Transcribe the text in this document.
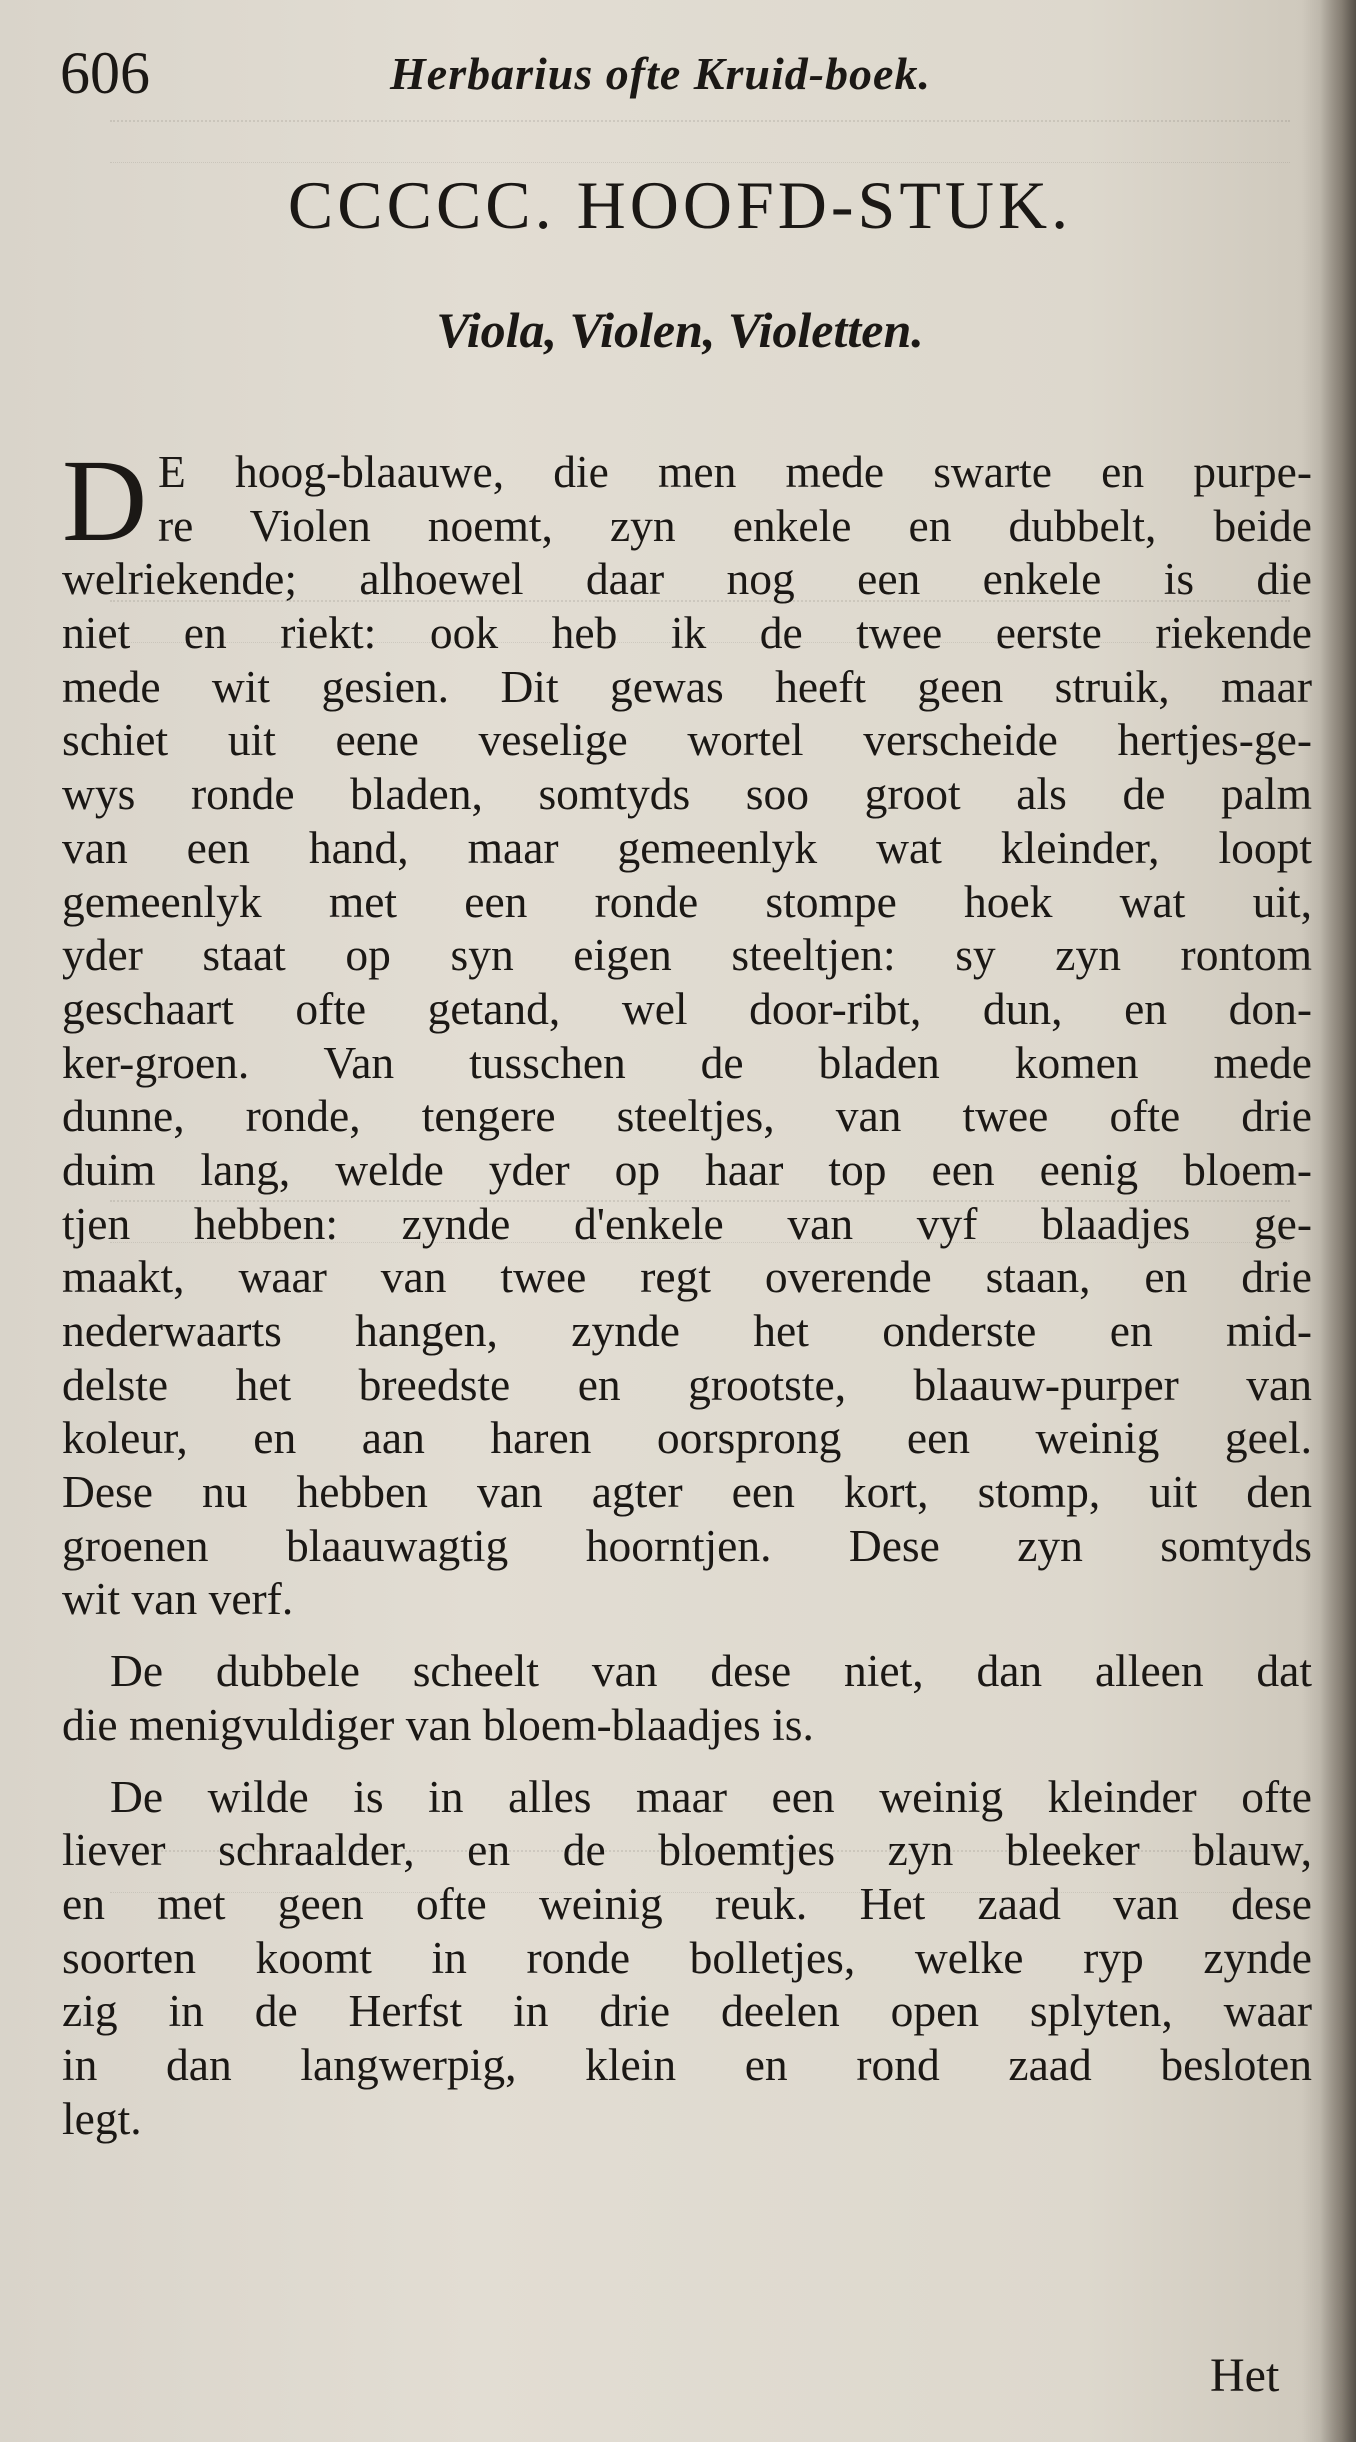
606	Herbarius ofte Kruid-boek.
CCCCC. HOOFD-STUK.
Viola, Violen, Violetten.
D E hoog-blaauwe, die men mede swarte en purpe-
re Violen noemt, zyn enkele en dubbelt, beide
welriekende; alhoewel daar nog een enkele is die
niet en riekt: ook heb ik de twee eerste riekende
mede wit gesien. Dit gewas heeft geen struik, maar
schiet uit eene veselige wortel verscheide hertjes-ge-
wys ronde bladen, somtyds soo groot als de palm
van een hand, maar gemeenlyk wat kleinder, loopt
gemeenlyk met een ronde stompe hoek wat uit,
yder staat op syn eigen steeltjen: sy zyn rontom
geschaart ofte getand, wel door-ribt, dun, en don-
ker-groen. Van tusschen de bladen komen mede
dunne, ronde, tengere steeltjes, van twee ofte drie
duim lang, welde yder op haar top een eenig bloem-
tjen hebben: zynde d'enkele van vyf blaadjes ge-
maakt, waar van twee regt overende staan, en drie
nederwaarts hangen, zynde het onderste en mid-
delste het breedste en grootste, blaauw-purper van
koleur, en aan haren oorsprong een weinig geel.
Dese nu hebben van agter een kort, stomp, uit den
groenen blaauwagtig hoorntjen. Dese zyn somtyds
wit van verf.
De dubbele scheelt van dese niet, dan alleen dat
die menigvuldiger van bloem-blaadjes is.
De wilde is in alles maar een weinig kleinder ofte
liever schraalder, en de bloemtjes zyn bleeker blauw,
en met geen ofte weinig reuk. Het zaad van dese
soorten koomt in ronde bolletjes, welke ryp zynde
zig in de Herfst in drie deelen open splyten, waar
in dan langwerpig, klein en rond zaad besloten
legt.
Het
